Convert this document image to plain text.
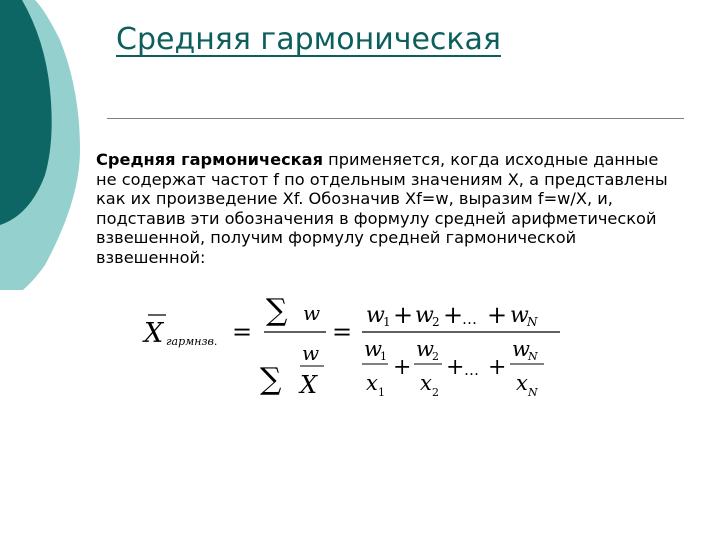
Средняя гармоническая
Средняя гармоническая применяется, когда исходные данные
не содержат частот f по отдельным значениям X, а представлены
как их произведение Xf. Обозначив Xf=w, выразим f=w/X, и,
подставив эти обозначения в формулу средней арифметической
взвешенной, получим формулу средней гармонической
взвешенной:
X гармнзв. =
∑ w
∑
w
X
=
w
1 + w
2 +
… + w
N
w
1
x 1
+
w
2
x 2
+ … +
w
N
x N
